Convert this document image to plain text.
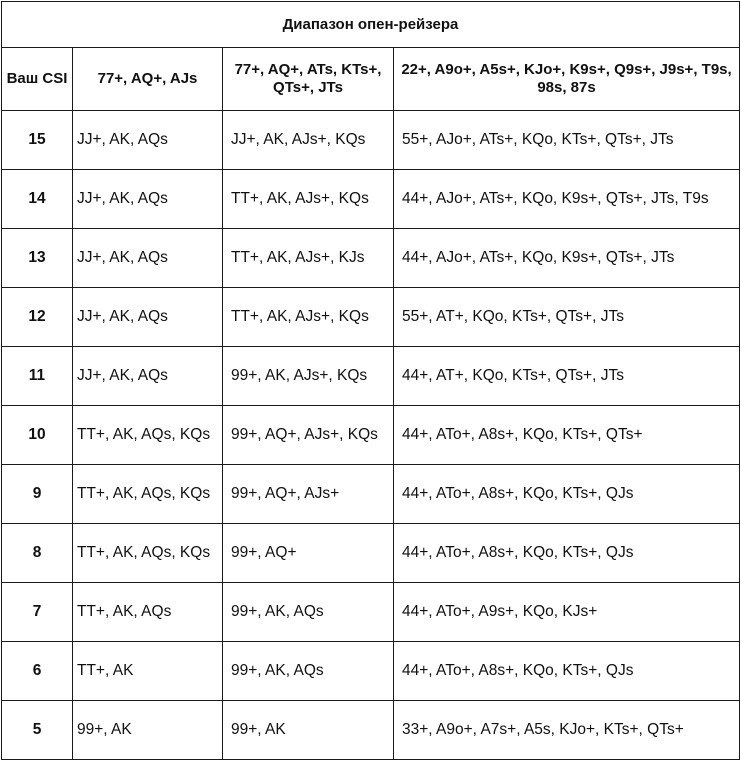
Диапазон опен-рейзера			
Ваш CSI	77+, AQ+, AJs	77+, AQ+, ATs, KTs+, QTs+, JTs	22+, A9o+, A5s+, KJo+, K9s+, Q9s+, J9s+, T9s, 98s, 87s
15	JJ+, AK, AQs	JJ+, AK, AJs+, KQs	55+, AJo+, ATs+, KQo, KTs+, QTs+, JTs
14	JJ+, AK, AQs	TT+, AK, AJs+, KQs	44+, AJo+, ATs+, KQo, K9s+, QTs+, JTs, T9s
13	JJ+, AK, AQs	TT+, AK, AJs+, KJs	44+, AJo+, ATs+, KQo, K9s+, QTs+, JTs
12	JJ+, AK, AQs	TT+, AK, AJs+, KQs	55+, AT+, KQo, KTs+, QTs+, JTs
11	JJ+, AK, AQs	99+, AK, AJs+, KQs	44+, AT+, KQo, KTs+, QTs+, JTs
10	TT+, AK, AQs, KQs	99+, AQ+, AJs+, KQs	44+, ATo+, A8s+, KQo, KTs+, QTs+
9	TT+, AK, AQs, KQs	99+, AQ+, AJs+	44+, ATo+, A8s+, KQo, KTs+, QJs
8	TT+, AK, AQs, KQs	99+, AQ+	44+, ATo+, A8s+, KQo, KTs+, QJs
7	TT+, AK, AQs	99+, AK, AQs	44+, ATo+, A9s+, KQo, KJs+
6	TT+, AK	99+, AK, AQs	44+, ATo+, A8s+, KQo, KTs+, QJs
5	99+, AK	99+, AK	33+, A9o+, A7s+, A5s, KJo+, KTs+, QTs+
